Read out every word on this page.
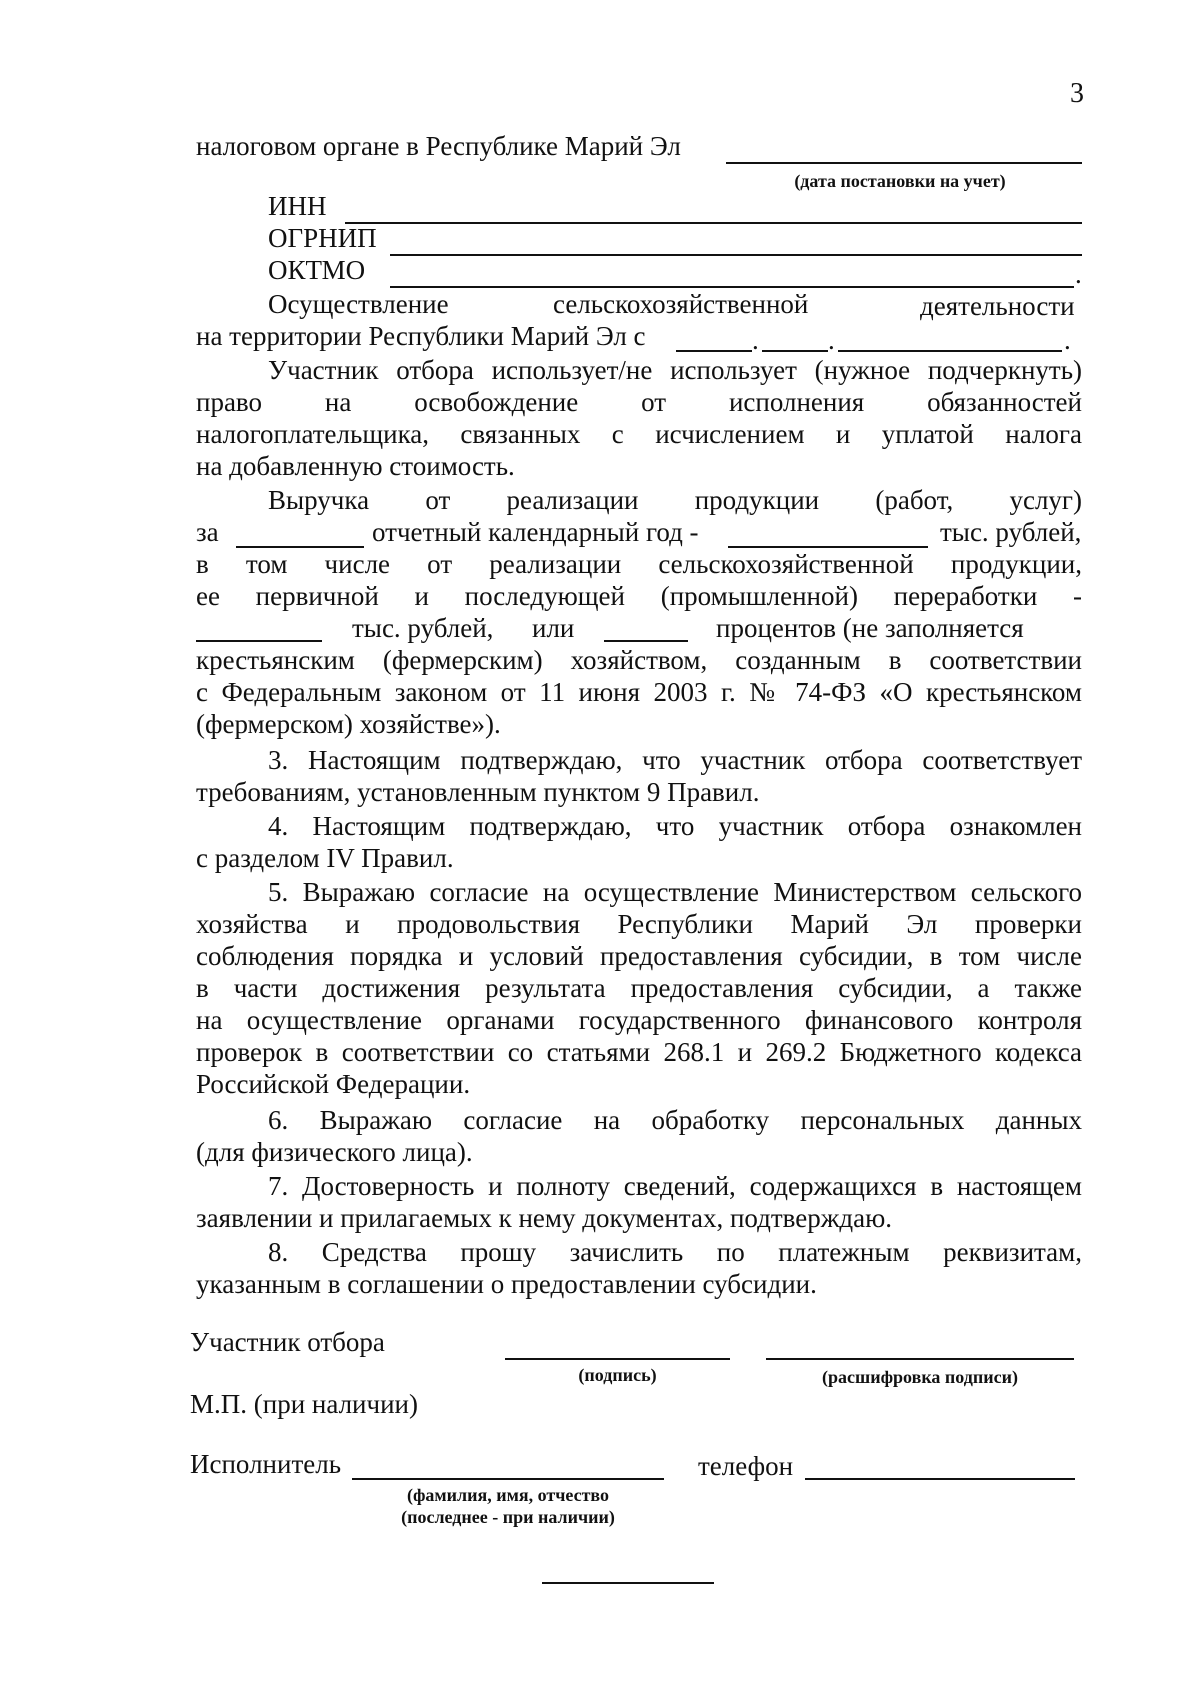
3
налоговом органе в Республике Марий Эл
(дата постановки на учет)
ИНН
ОГРНИП
ОКТМО	.
Осуществление	сельскохозяйственной	деятельности
на территории Республики Марий Эл с	.	.	.
Участник отбора использует/не использует (нужное подчеркнуть)
право на освобождение от исполнения обязанностей
налогоплательщика, связанных с исчислением и уплатой налога
на добавленную стоимость.
Выручка от реализации продукции (работ, услуг)
за	отчетный календарный год -	тыс. рублей,
в том числе от реализации сельскохозяйственной продукции,
ее первичной и последующей (промышленной) переработки -
тыс. рублей, или	процентов (не заполняется
крестьянским (фермерским) хозяйством, созданным в соответствии
с Федеральным законом от 11 июня 2003 г. № 74-ФЗ «О крестьянском
(фермерском) хозяйстве»).
3. Настоящим подтверждаю, что участник отбора соответствует
требованиям, установленным пунктом 9 Правил.
4. Настоящим подтверждаю, что участник отбора ознакомлен
с разделом IV Правил.
5. Выражаю согласие на осуществление Министерством сельского
хозяйства и продовольствия Республики Марий Эл проверки
соблюдения порядка и условий предоставления субсидии, в том числе
в части достижения результата предоставления субсидии, а также
на осуществление органами государственного финансового контроля
проверок в соответствии со статьями 268.1 и 269.2 Бюджетного кодекса
Российской Федерации.
6. Выражаю согласие на обработку персональных данных
(для физического лица).
7. Достоверность и полноту сведений, содержащихся в настоящем
заявлении и прилагаемых к нему документах, подтверждаю.
8. Средства прошу зачислить по платежным реквизитам,
указанным в соглашении о предоставлении субсидии.
Участник отбора
(подпись)	(расшифровка подписи)
М.П. (при наличии)
Исполнитель
(фамилия, имя, отчество
(последнее - при наличии)
телефон
